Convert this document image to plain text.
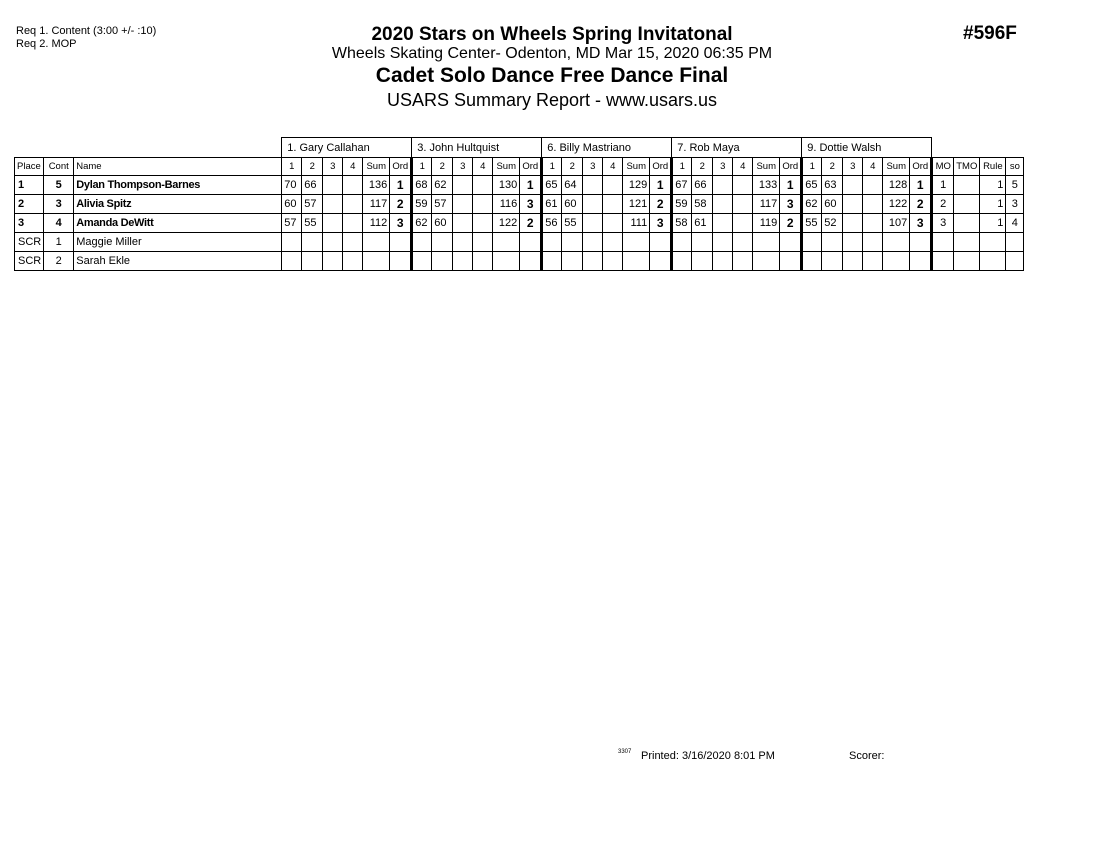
Req 1. Content (3:00 +/- :10)
Req 2. MOP	#596F
2020 Stars on Wheels Spring Invitatonal
Wheels Skating Center- Odenton, MD Mar 15, 2020 06:35 PM
Cadet Solo Dance Free Dance Final
USARS Summary Report - www.usars.us
			1. Gary Callahan						3. John Hultquist						6. Billy Mastriano						7. Rob Maya						9. Dottie Walsh									
Place	Cont	Name	1	2	3	4	Sum	Ord	1	2	3	4	Sum	Ord	1	2	3	4	Sum	Ord	1	2	3	4	Sum	Ord	1	2	3	4	Sum	Ord	MO	TMO	Rule	so
1	5	Dylan Thompson-Barnes	70	66			136	1	68	62			130	1	65	64			129	1	67	66			133	1	65	63			128	1	1		1	5
2	3	Alivia Spitz	60	57			117	2	59	57			116	3	61	60			121	2	59	58			117	3	62	60			122	2	2		1	3
3	4	Amanda DeWitt	57	55			112	3	62	60			122	2	56	55			111	3	58	61			119	2	55	52			107	3	3		1	4
SCR	1	Maggie Miller																																		
SCR	2	Sarah Ekle																																		
3307 Printed: 3/16/2020 8:01 PM	Scorer:
